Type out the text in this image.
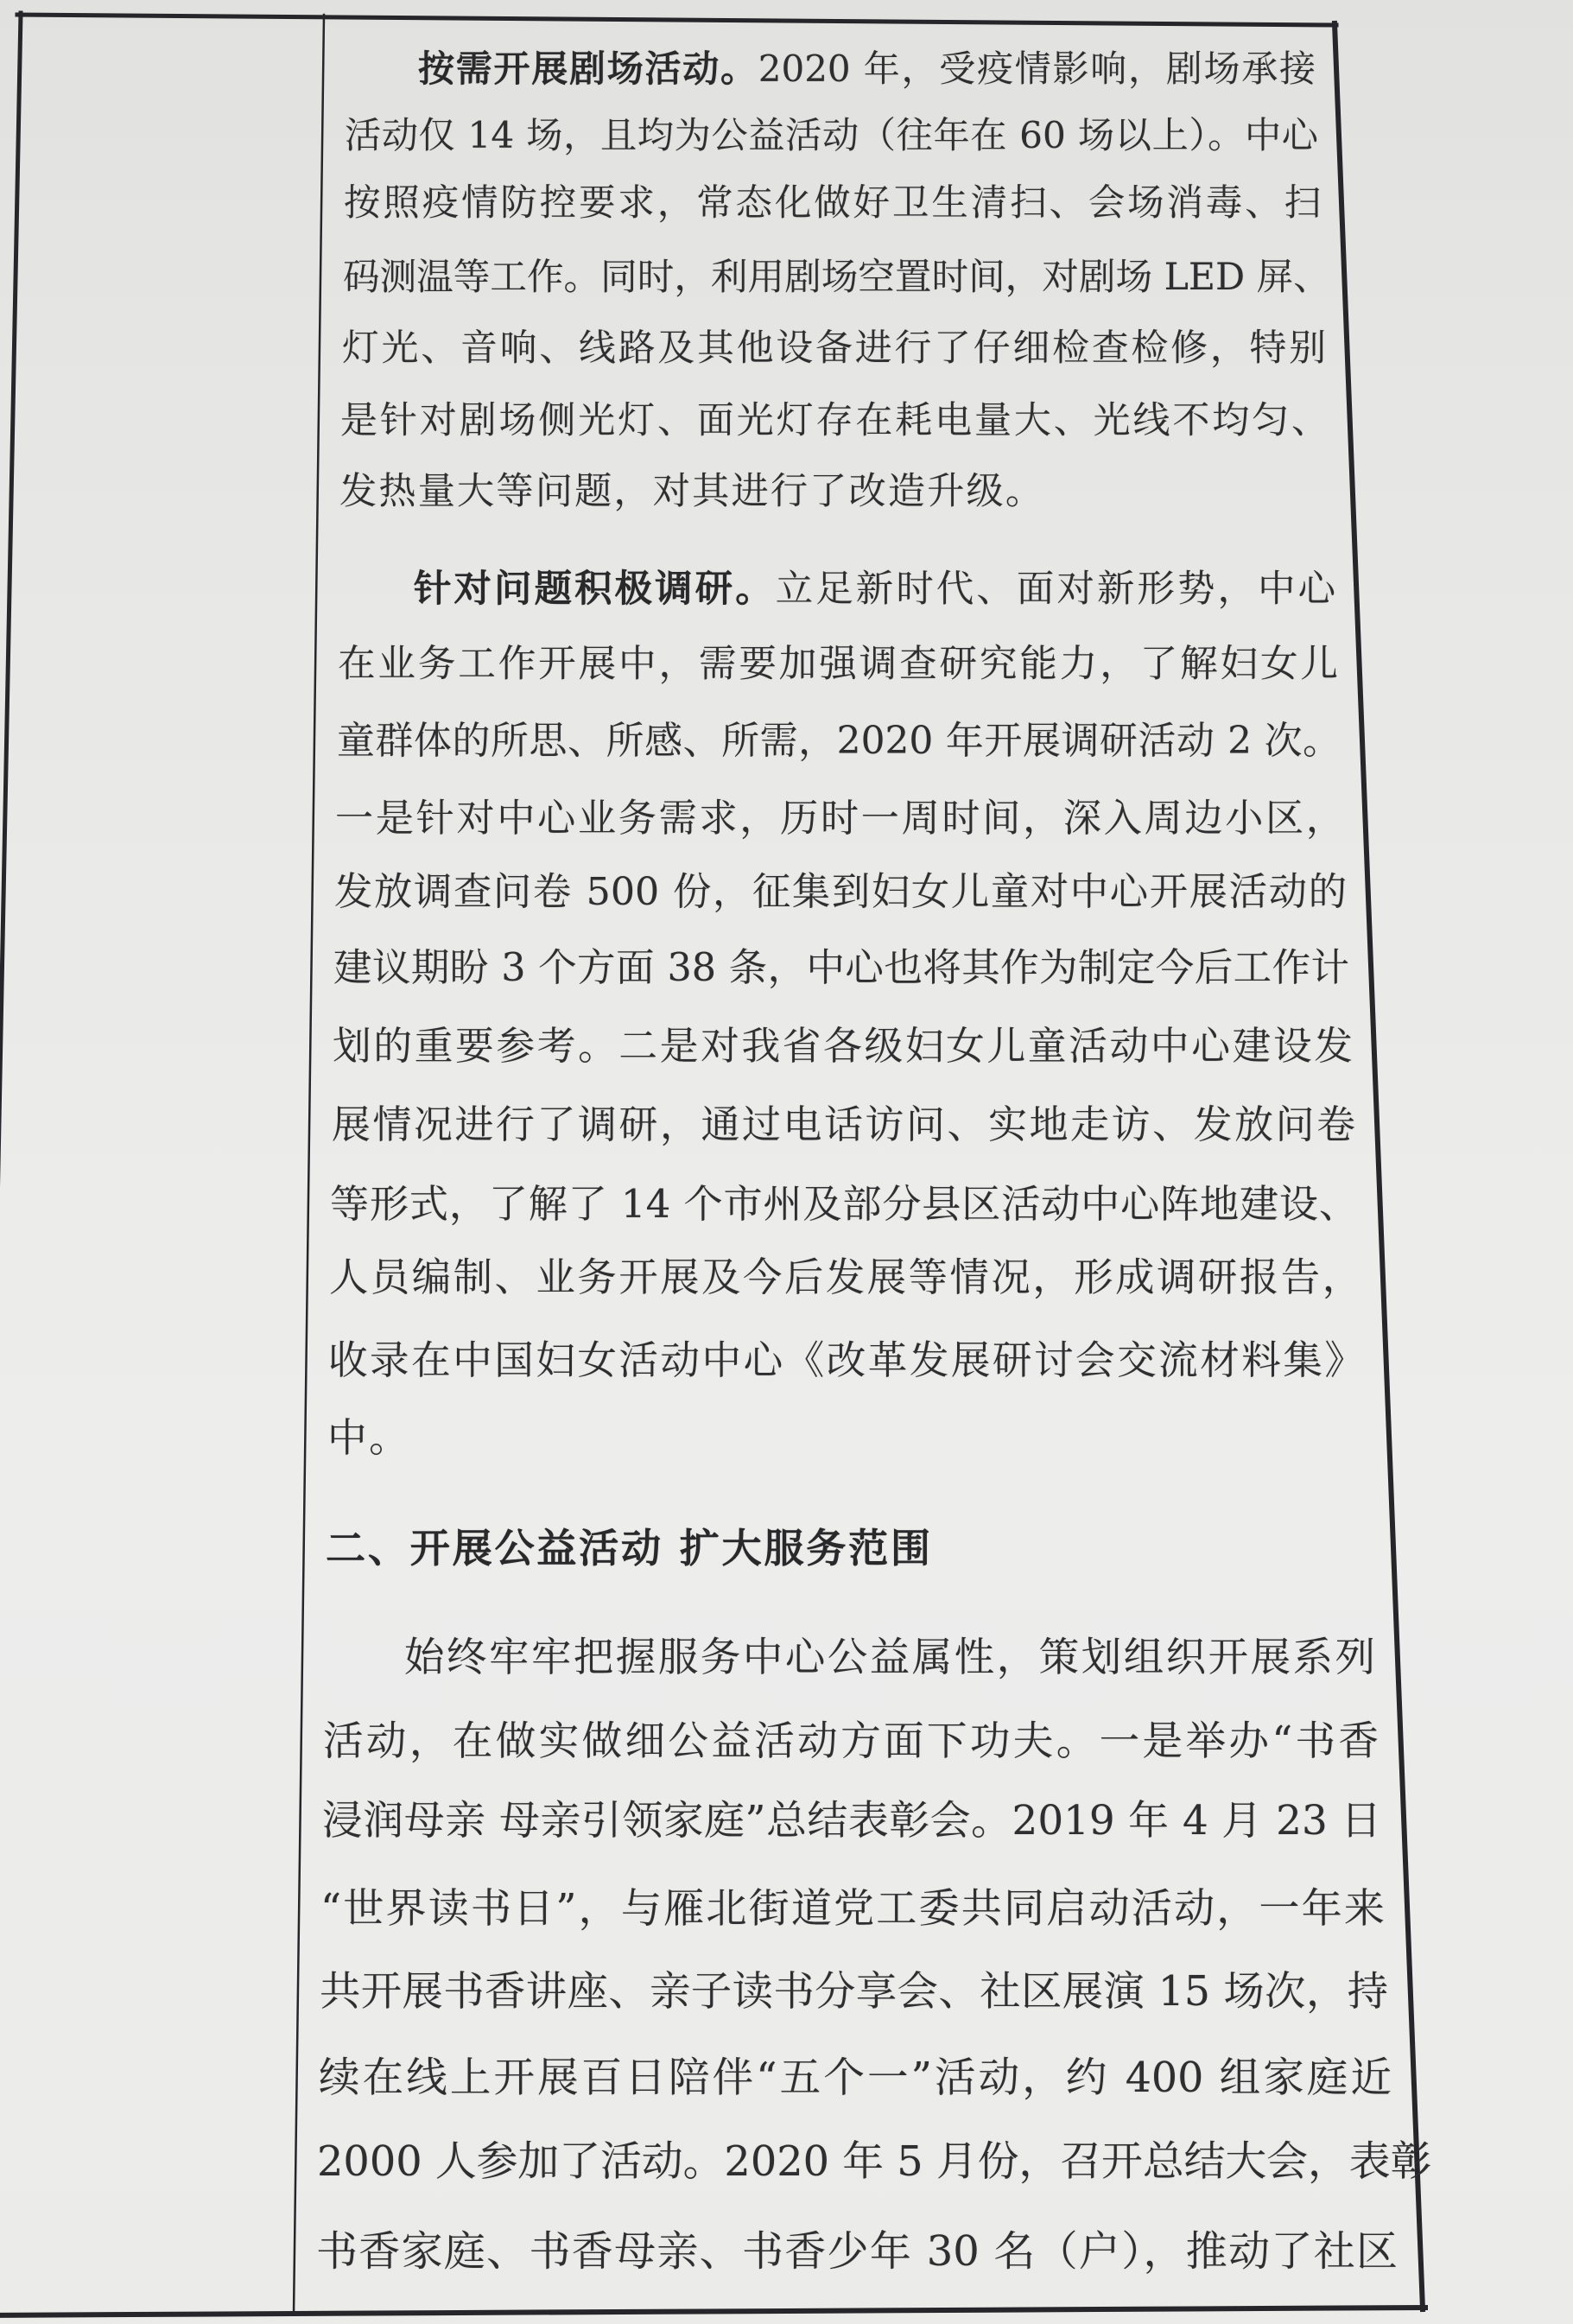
按需开展剧场活动。2020 年，受疫情影响，剧场承接
活动仅 14 场，且均为公益活动（往年在 60 场以上）。中心
按照疫情防控要求，常态化做好卫生清扫、会场消毒、扫
码测温等工作。同时，利用剧场空置时间，对剧场 LED 屏、
灯光、音响、线路及其他设备进行了仔细检查检修，特别
是针对剧场侧光灯、面光灯存在耗电量大、光线不均匀、
发热量大等问题，对其进行了改造升级。
针对问题积极调研。立足新时代、面对新形势，中心
在业务工作开展中，需要加强调查研究能力，了解妇女儿
童群体的所思、所感、所需，2020 年开展调研活动 2 次。
一是针对中心业务需求，历时一周时间，深入周边小区，
发放调查问卷 500 份，征集到妇女儿童对中心开展活动的
建议期盼 3 个方面 38 条，中心也将其作为制定今后工作计
划的重要参考。二是对我省各级妇女儿童活动中心建设发
展情况进行了调研，通过电话访问、实地走访、发放问卷
等形式，了解了 14 个市州及部分县区活动中心阵地建设、
人员编制、业务开展及今后发展等情况，形成调研报告，
收录在中国妇女活动中心《改革发展研讨会交流材料集》
中。
二、开展公益活动 扩大服务范围
始终牢牢把握服务中心公益属性，策划组织开展系列
活动，在做实做细公益活动方面下功夫。一是举办“书香
浸润母亲 母亲引领家庭”总结表彰会。2019 年 4 月 23 日
“世界读书日”，与雁北街道党工委共同启动活动，一年来
共开展书香讲座、亲子读书分享会、社区展演 15 场次，持
续在线上开展百日陪伴“五个一”活动，约 400 组家庭近
2000 人参加了活动。2020 年 5 月份，召开总结大会，表彰
书香家庭、书香母亲、书香少年 30 名（户），推动了社区
